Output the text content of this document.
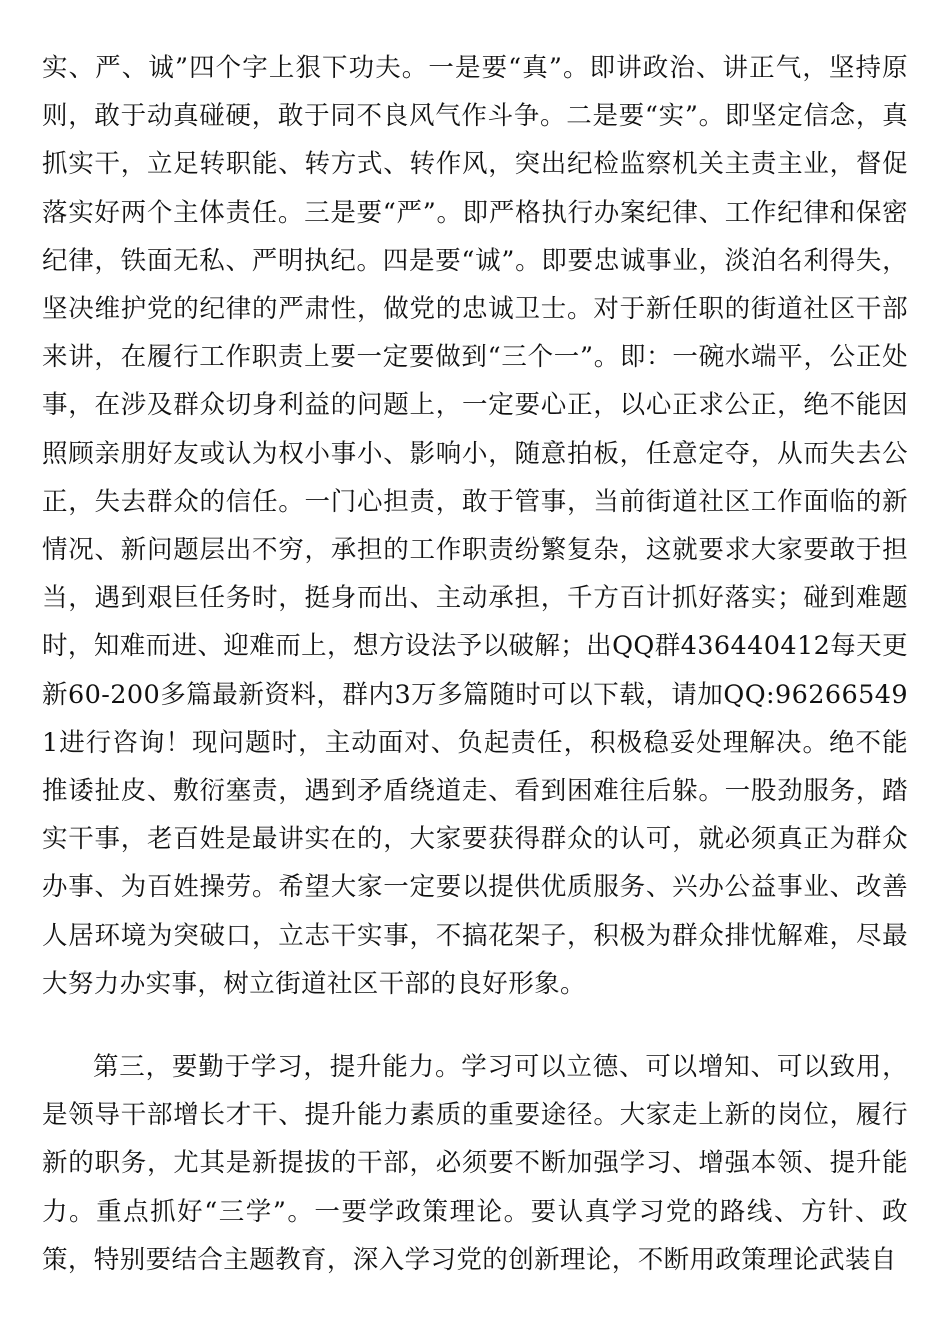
实、严、诚”四个字上狠下功夫。一是要“真”。即讲政治、讲正气，坚持原则，敢于动真碰硬，敢于同不良风气作斗争。二是要“实”。即坚定信念，真抓实干，立足转职能、转方式、转作风，突出纪检监察机关主责主业，督促落实好两个主体责任。三是要“严”。即严格执行办案纪律、工作纪律和保密纪律，铁面无私、严明执纪。四是要“诚”。即要忠诚事业，淡泊名利得失，坚决维护党的纪律的严肃性，做党的忠诚卫士。对于新任职的街道社区干部来讲，在履行工作职责上要一定要做到“三个一”。即：一碗水端平，公正处事，在涉及群众切身利益的问题上，一定要心正，以心正求公正，绝不能因照顾亲朋好友或认为权小事小、影响小，随意拍板，任意定夺，从而失去公正，失去群众的信任。一门心担责，敢于管事，当前街道社区工作面临的新情况、新问题层出不穷，承担的工作职责纷繁复杂，这就要求大家要敢于担当，遇到艰巨任务时，挺身而出、主动承担，千方百计抓好落实；碰到难题时，知难而进、迎难而上，想方设法予以破解；出QQ群436440412每天更新60-200多篇最新资料，群内3万多篇随时可以下载，请加QQ:962665491进行咨询！现问题时，主动面对、负起责任，积极稳妥处理解决。绝不能推诿扯皮、敷衍塞责，遇到矛盾绕道走、看到困难往后躲。一股劲服务，踏实干事，老百姓是最讲实在的，大家要获得群众的认可，就必须真正为群众办事、为百姓操劳。希望大家一定要以提供优质服务、兴办公益事业、改善人居环境为突破口，立志干实事，不搞花架子，积极为群众排忧解难，尽最大努力办实事，树立街道社区干部的良好形象。

第三，要勤于学习，提升能力。学习可以立德、可以增知、可以致用，是领导干部增长才干、提升能力素质的重要途径。大家走上新的岗位，履行新的职务，尤其是新提拔的干部，必须要不断加强学习、增强本领、提升能力。重点抓好“三学”。一要学政策理论。要认真学习党的路线、方针、政策，特别要结合主题教育，深入学习党的创新理论，不断用政策理论武装自
